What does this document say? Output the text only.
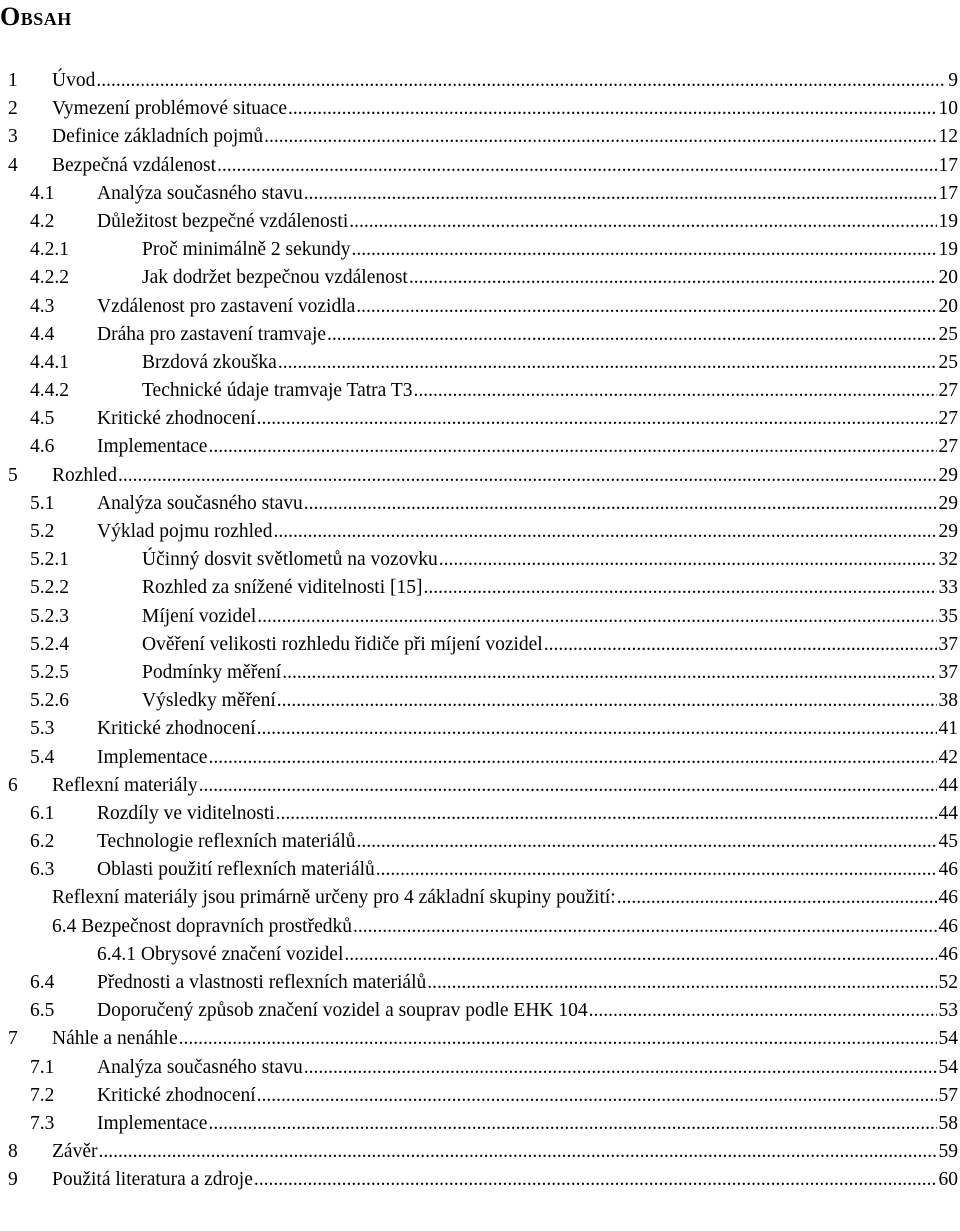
Obsah
1 Úvod .....	9
2 Vymezení problémové situace .....	10
3 Definice základních pojmů .....	12
4 Bezpečná vzdálenost .....	17
4.1 Analýza současného stavu .....	17
4.2 Důležitost bezpečné vzdálenosti .....	19
4.2.1	Proč minimálně 2 sekundy .....	19
4.2.2	Jak dodržet bezpečnou vzdálenost .....	20
4.3 Vzdálenost pro zastavení vozidla .....	20
4.4 Dráha pro zastavení tramvaje .....	25
4.4.1	Brzdová zkouška .....	25
4.4.2	Technické údaje tramvaje Tatra T3 .....	27
4.5 Kritické zhodnocení .....	27
4.6 Implementace .....	27
5 Rozhled .....	29
5.1 Analýza současného stavu .....	29
5.2 Výklad pojmu rozhled .....	29
5.2.1	Účinný dosvit světlometů na vozovku .....	32
5.2.2	Rozhled za snížené viditelnosti [15] .....	33
5.2.3	Míjení vozidel .....	35
5.2.4	Ověření velikosti rozhledu řidiče při míjení vozidel .....	37
5.2.5	Podmínky měření .....	37
5.2.6	Výsledky měření .....	38
5.3 Kritické zhodnocení .....	41
5.4 Implementace .....	42
6 Reflexní materiály .....	44
6.1 Rozdíly ve viditelnosti .....	44
6.2 Technologie reflexních materiálů .....	45
6.3 Oblasti použití reflexních materiálů .....	46
Reflexní materiály jsou primárně určeny pro 4 základní skupiny použití: .....	46
6.4 Bezpečnost dopravních prostředků .....	46
6.4.1 Obrysové značení vozidel .....	46
6.4 Přednosti a vlastnosti reflexních materiálů .....	52
6.5 Doporučený způsob značení vozidel a souprav podle EHK 104 .....	53
7 Náhle a nenáhle .....	54
7.1 Analýza současného stavu .....	54
7.2 Kritické zhodnocení .....	57
7.3 Implementace .....	58
8 Závěr .....	59
9 Použitá literatura a zdroje .....	60
